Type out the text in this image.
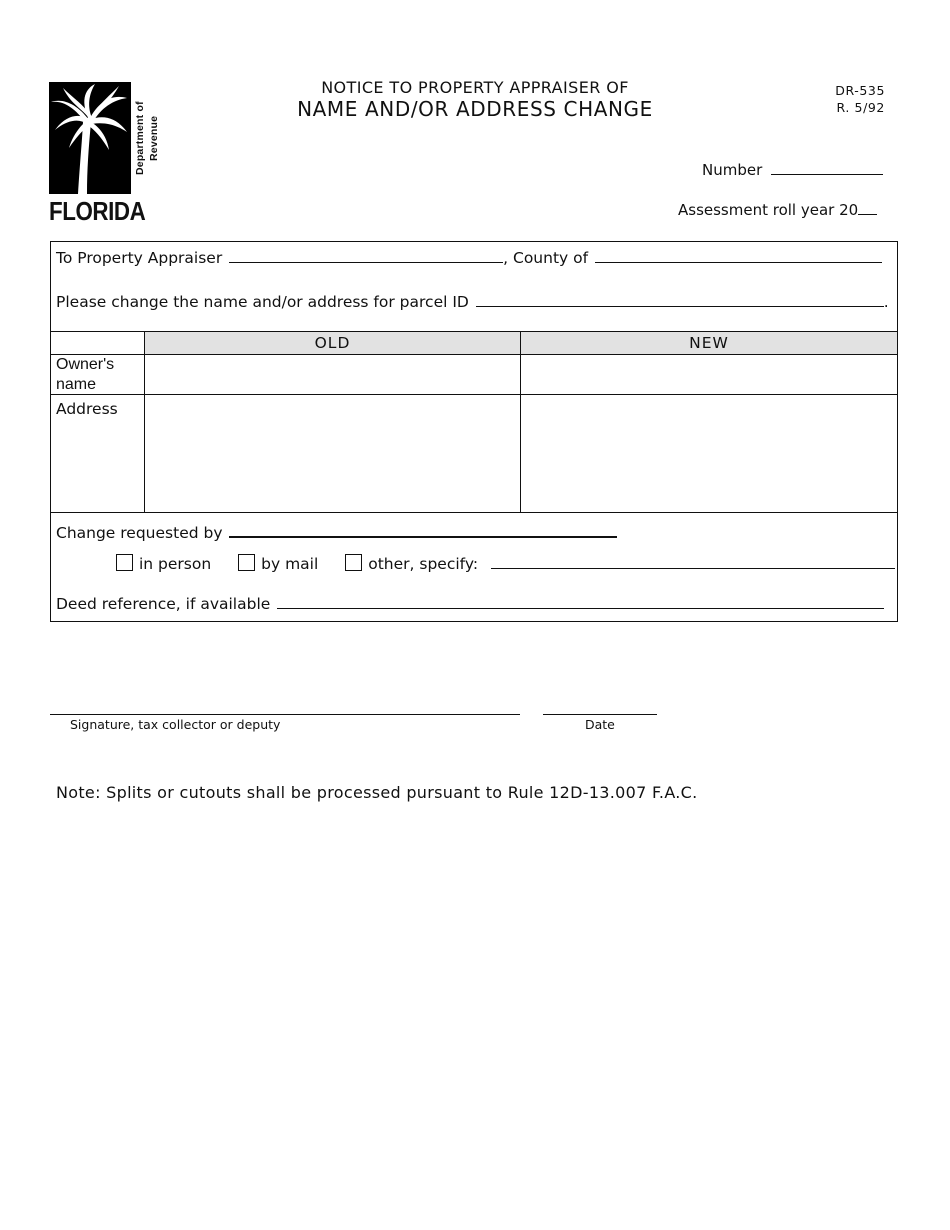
Department of Revenue
FLORIDA
NOTICE TO PROPERTY APPRAISER OF
NAME AND/OR ADDRESS CHANGE
DR-535
R. 5/92
Number
Assessment roll year 20
To Property Appraiser	, County of
Please change the name and/or address for parcel ID	.
OLD	NEW
Owner's
name
Address
Change requested by
in person	by mail	other, specify:
Deed reference, if available
Signature, tax collector or deputy	Date
Note: Splits or cutouts shall be processed pursuant to Rule 12D-13.007 F.A.C.
